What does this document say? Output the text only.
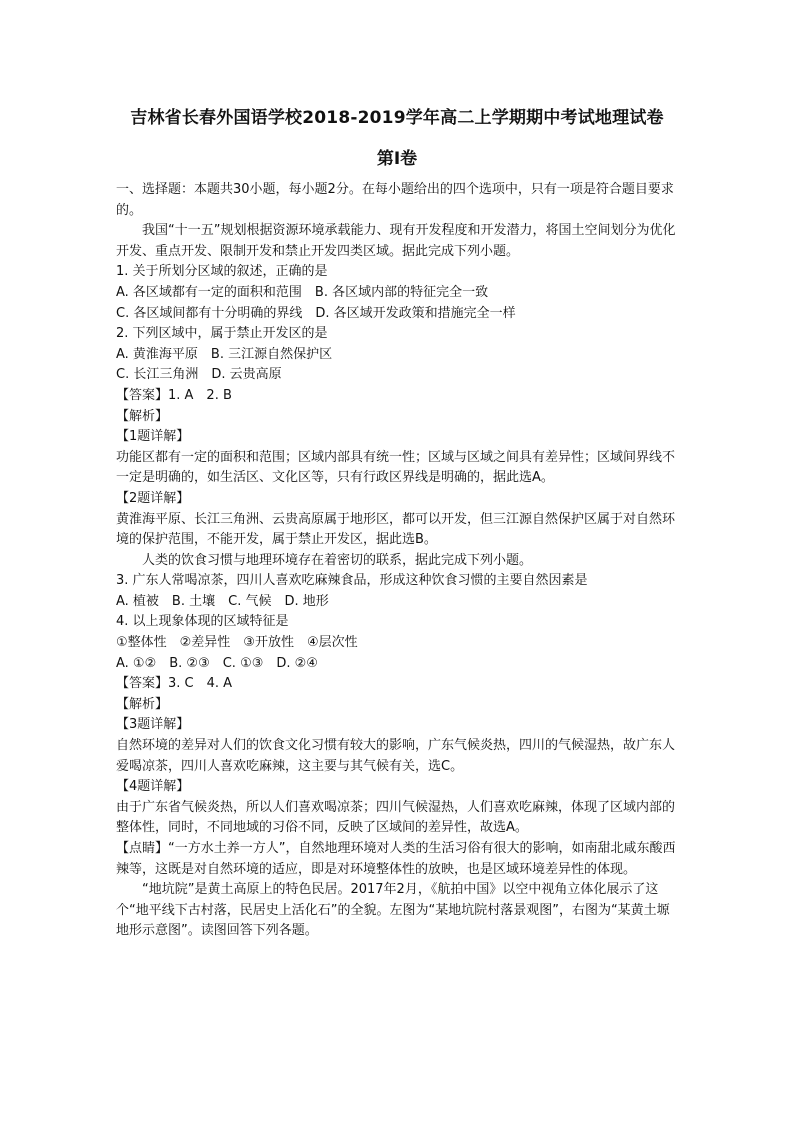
吉林省长春外国语学校2018-2019学年高二上学期期中考试地理试卷
第Ⅰ卷

一、选择题：本题共30小题，每小题2分。在每小题给出的四个选项中，只有一项是符合题目要求的。

我国“十一五”规划根据资源环境承载能力、现有开发程度和开发潜力，将国土空间划分为优化开发、重点开发、限制开发和禁止开发四类区域。据此完成下列小题。

1. 关于所划分区域的叙述，正确的是

A. 各区域都有一定的面积和范围　B. 各区域内部的特征完全一致

C. 各区域间都有十分明确的界线　D. 各区域开发政策和措施完全一样

2. 下列区域中，属于禁止开发区的是

A. 黄淮海平原　B. 三江源自然保护区

C. 长江三角洲　D. 云贵高原

【答案】1. A　2. B

【解析】

【1题详解】

功能区都有一定的面积和范围；区域内部具有统一性；区域与区域之间具有差异性；区域间界线不一定是明确的，如生活区、文化区等，只有行政区界线是明确的，据此选A。

【2题详解】

黄淮海平原、长江三角洲、云贵高原属于地形区，都可以开发，但三江源自然保护区属于对自然环境的保护范围，不能开发，属于禁止开发区，据此选B。

人类的饮食习惯与地理环境存在着密切的联系，据此完成下列小题。

3. 广东人常喝凉茶，四川人喜欢吃麻辣食品，形成这种饮食习惯的主要自然因素是

A. 植被　B. 土壤　C. 气候　D. 地形

4. 以上现象体现的区域特征是

①整体性　②差异性　③开放性　④层次性

A. ①②　B. ②③　C. ①③　D. ②④

【答案】3. C　4. A

【解析】

【3题详解】

自然环境的差异对人们的饮食文化习惯有较大的影响，广东气候炎热，四川的气候湿热，故广东人爱喝凉茶，四川人喜欢吃麻辣，这主要与其气候有关，选C。

【4题详解】

由于广东省气候炎热，所以人们喜欢喝凉茶；四川气候湿热，人们喜欢吃麻辣，体现了区域内部的整体性，同时，不同地域的习俗不同，反映了区域间的差异性，故选A。

【点睛】“一方水土养一方人”，自然地理环境对人类的生活习俗有很大的影响，如南甜北咸东酸西辣等，这既是对自然环境的适应，即是对环境整体性的放映，也是区域环境差异性的体现。

“地坑院”是黄土高原上的特色民居。2017年2月，《航拍中国》以空中视角立体化展示了这个“地平线下古村落，民居史上活化石”的全貌。左图为“某地坑院村落景观图”，右图为“某黄土塬地形示意图”。读图回答下列各题。
